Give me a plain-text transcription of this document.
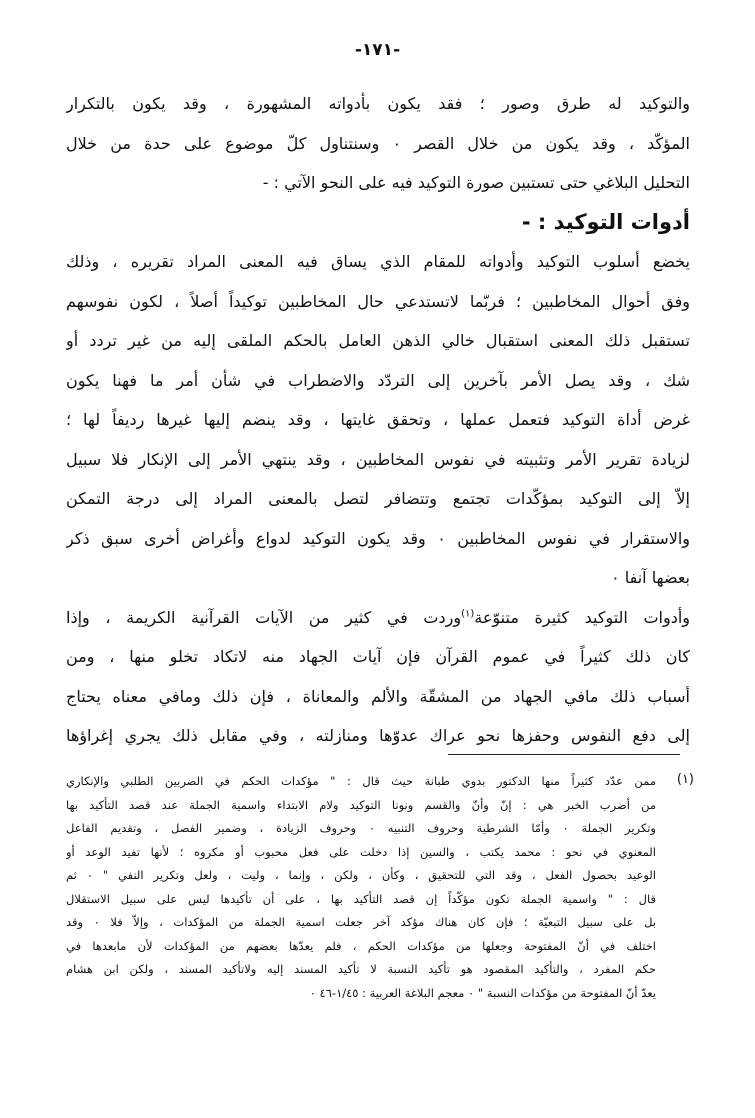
-١٧١-

والتوكيد له طرق وصور ؛ فقد يكون بأدواته المشهورة ، وقد يكون بالتكرار

المؤكّد ، وقد يكون من خلال القصر ٠ وسنتناول كلّ موضوع على حدة من خلال

التحليل البلاغي حتى تستبين صورة التوكيد فيه على النحو الآتي : -

أدوات التوكيد : -

يخضع أسلوب التوكيد وأدواته للمقام الذي يساق فيه المعنى المراد تقريره ، وذلك

وفق أحوال المخاطبين ؛ فربّما لاتستدعي حال المخاطبين توكيداً أصلاً ، لكون نفوسهم

تستقبل ذلك المعنى استقبال خالي الذهن العامل بالحكم الملقى إليه من غير تردد أو

شك ، وقد يصل الأمر بآخرين إلى التردّد والاضطراب في شأن أمر ما فهنا يكون

غرض أداة التوكيد فتعمل عملها ، وتحقق غايتها ، وقد ينضم إليها غيرها رديفاً لها ؛

لزيادة تقرير الأمر وتثبيته في نفوس المخاطبين ، وقد ينتهي الأمر إلى الإنكار فلا سبيل

إلاّ إلى التوكيد بمؤكّدات تجتمع وتتضافر لتصل بالمعنى المراد إلى درجة التمكن

والاستقرار في نفوس المخاطبين ٠ وقد يكون التوكيد لدواع وأغراض أخرى سبق ذكر

بعضها آنفا ٠

وأدوات التوكيد كثيرة متنوّعة$^{(١)}$وردت في كثير من الآيات القرآنية الكريمة ، وإذا

كان ذلك كثيراً في عموم القرآن فإن آيات الجهاد منه لاتكاد تخلو منها ، ومن

أسباب ذلك مافي الجهاد من المشقّة والألم والمعاناة ، فإن ذلك ومافي معناه يحتاج

إلى دفع النفوس وحفزها نحو عراك عدوّها ومنازلته ، وفي مقابل ذلك يجري إغراؤها

(١)

ممن عدّد كثيراً منها الدكتور بدوي طبانة حيث قال : " مؤكدات الحكم في الضربين الطلبي والإنكاري

من أضرب الخبر هي : إنّ وأنّ والقسم ونونا التوكيد ولام الابتداء واسمية الجملة عند قصد التأكيد بها

وتكرير الجملة ٠ وأمّا الشرطية وحروف التنبيه ٠ وحروف الزيادة ، وضمير الفصل ، وتقديم الفاعل

المعنوي في نحو : محمد يكتب ، والسين إذا دخلت على فعل محبوب أو مكروه ؛ لأنها تفيد الوعد أو

الوعيد بحصول الفعل ، وقد التي للتحقيق ، وكأن ، ولكن ، وإنما ، وليت ، ولعل وتكرير النفي " ٠ ثم

قال : " واسمية الجملة تكون مؤكّداً إن قصد التأكيد بها ، على أن تأكيدها ليس على سبيل الاستقلال

بل على سبيل التبعيّة ؛ فإن كان هناك مؤكد آخر جعلت اسمية الجملة من المؤكدات ، وإلاّ فلا ٠ وقد

اختلف في أنّ المفتوحة وجعلها من مؤكدات الحكم ، فلم يعدّها بعضهم من المؤكدات لأن مابعدها في

حكم المفرد ، والتأكيد المقصود هو تأكيد النسبة لا تأكيد المسند إليه ولاتأكيد المسند ، ولكن ابن هشام

يعدّ أنّ المفتوحة من مؤكدات النسبة " ٠ معجم البلاغة العربية : ١/٤٥-٤٦ ٠
